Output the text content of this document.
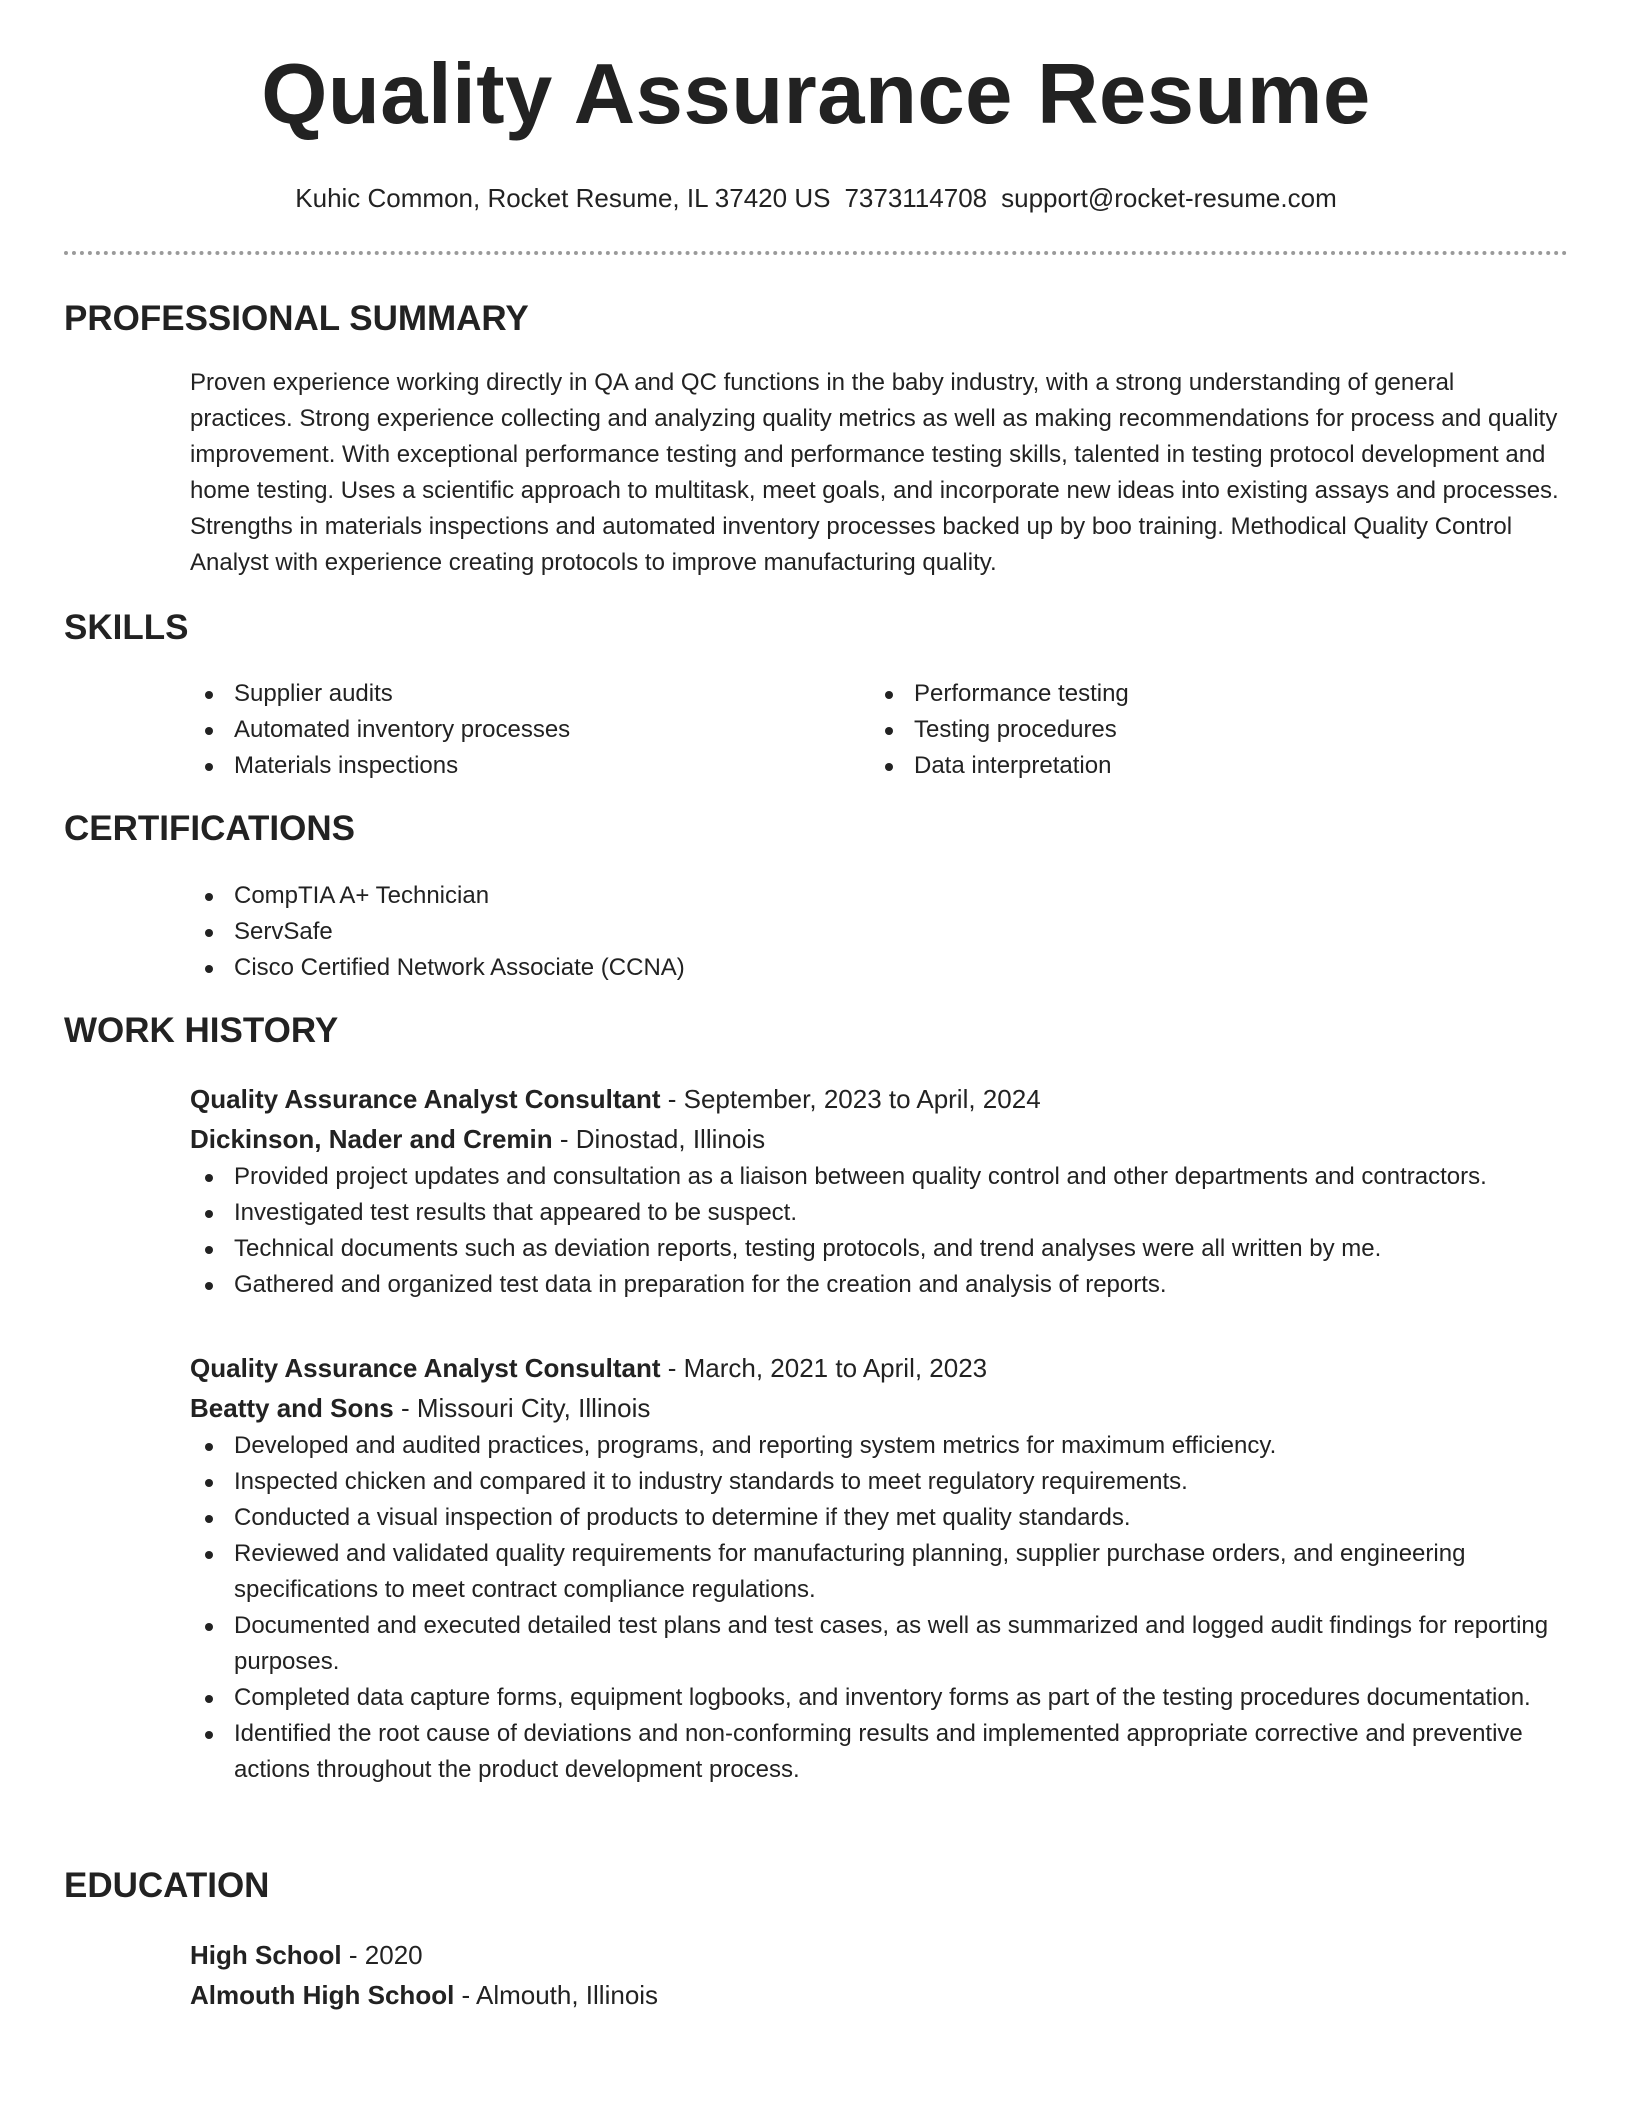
Quality Assurance Resume
Kuhic Common, Rocket Resume, IL 37420 US 7373114708 support@rocket-resume.com
PROFESSIONAL SUMMARY

Proven experience working directly in QA and QC functions in the baby industry, with a strong understanding of general practices. Strong experience collecting and analyzing quality metrics as well as making recommendations for process and quality improvement. With exceptional performance testing and performance testing skills, talented in testing protocol development and home testing. Uses a scientific approach to multitask, meet goals, and incorporate new ideas into existing assays and processes. Strengths in materials inspections and automated inventory processes backed up by boo training. Methodical Quality Control Analyst with experience creating protocols to improve manufacturing quality.

SKILLS
Supplier audits
Automated inventory processes
Materials inspections
Performance testing
Testing procedures
Data interpretation
CERTIFICATIONS
CompTIA A+ Technician
ServSafe
Cisco Certified Network Associate (CCNA)
WORK HISTORY
Quality Assurance Analyst Consultant - September, 2023 to April, 2024
Dickinson, Nader and Cremin - Dinostad, Illinois
Provided project updates and consultation as a liaison between quality control and other departments and contractors.
Investigated test results that appeared to be suspect.
Technical documents such as deviation reports, testing protocols, and trend analyses were all written by me.
Gathered and organized test data in preparation for the creation and analysis of reports.
Quality Assurance Analyst Consultant - March, 2021 to April, 2023
Beatty and Sons - Missouri City, Illinois
Developed and audited practices, programs, and reporting system metrics for maximum efficiency.
Inspected chicken and compared it to industry standards to meet regulatory requirements.
Conducted a visual inspection of products to determine if they met quality standards.
Reviewed and validated quality requirements for manufacturing planning, supplier purchase orders, and engineering specifications to meet contract compliance regulations.
Documented and executed detailed test plans and test cases, as well as summarized and logged audit findings for reporting purposes.
Completed data capture forms, equipment logbooks, and inventory forms as part of the testing procedures documentation.
Identified the root cause of deviations and non-conforming results and implemented appropriate corrective and preventive actions throughout the product development process.
EDUCATION
High School - 2020
Almouth High School - Almouth, Illinois
